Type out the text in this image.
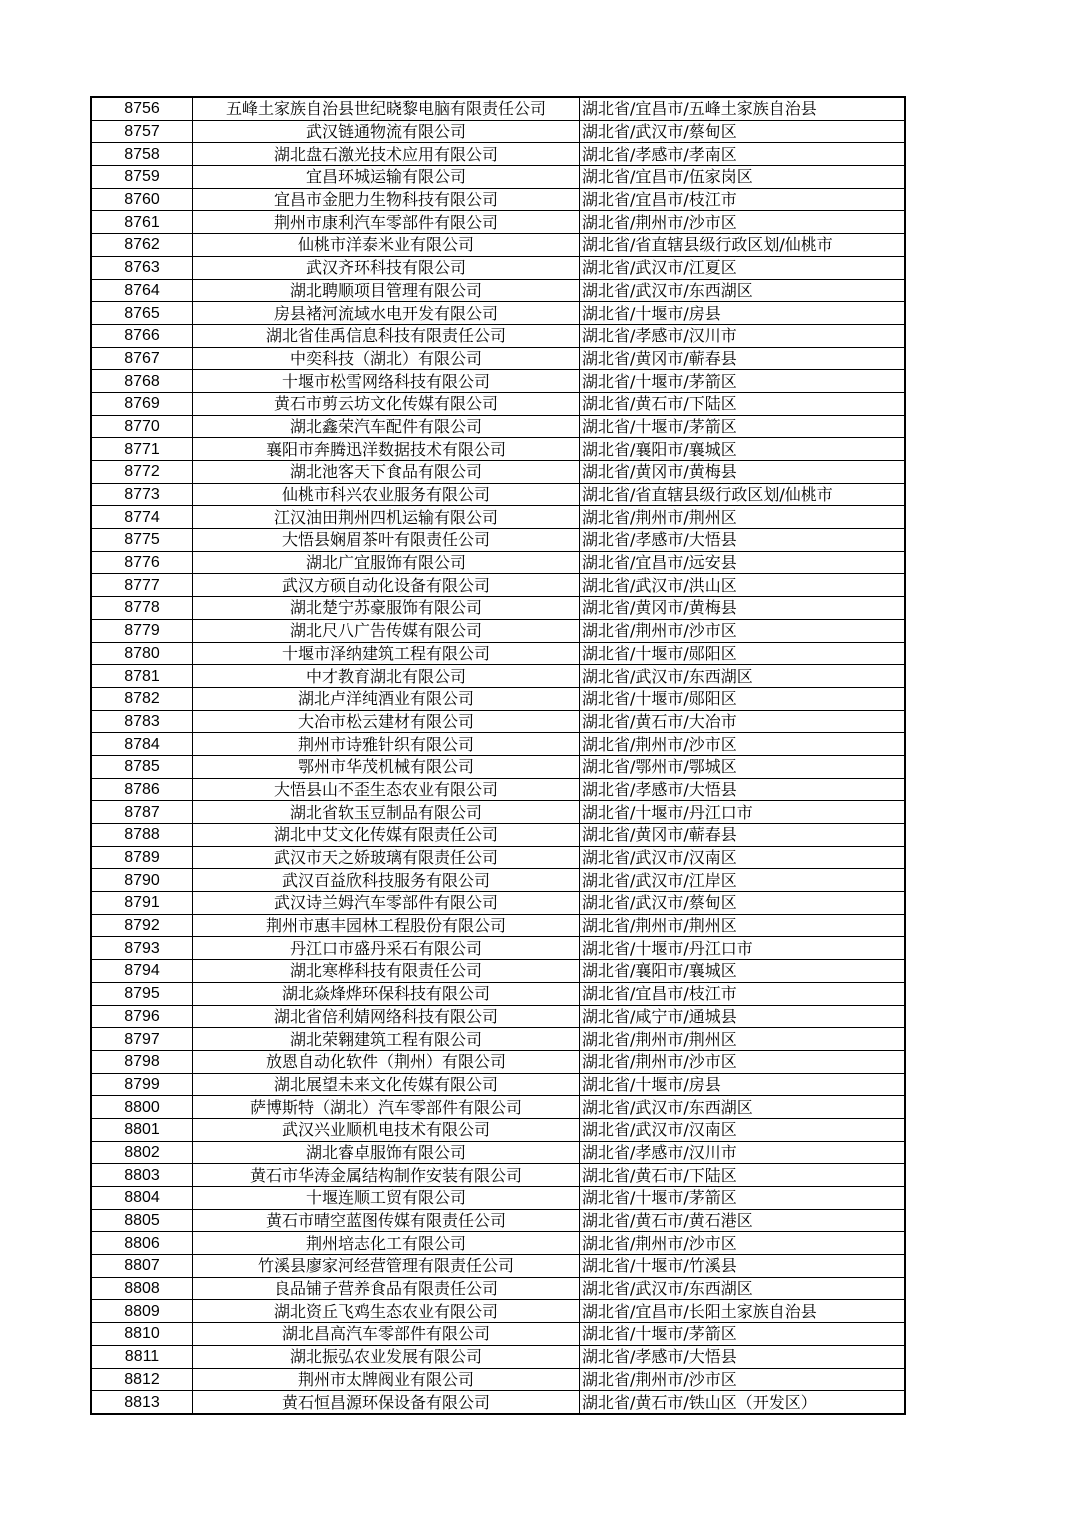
8756	五峰土家族自治县世纪晓黎电脑有限责任公司	湖北省/宜昌市/五峰土家族自治县
8757	武汉链通物流有限公司	湖北省/武汉市/蔡甸区
8758	湖北盘石激光技术应用有限公司	湖北省/孝感市/孝南区
8759	宜昌环城运输有限公司	湖北省/宜昌市/伍家岗区
8760	宜昌市金肥力生物科技有限公司	湖北省/宜昌市/枝江市
8761	荆州市康利汽车零部件有限公司	湖北省/荆州市/沙市区
8762	仙桃市洋泰米业有限公司	湖北省/省直辖县级行政区划/仙桃市
8763	武汉齐环科技有限公司	湖北省/武汉市/江夏区
8764	湖北聘顺项目管理有限公司	湖北省/武汉市/东西湖区
8765	房县褚河流域水电开发有限公司	湖北省/十堰市/房县
8766	湖北省佳禹信息科技有限责任公司	湖北省/孝感市/汉川市
8767	中奕科技（湖北）有限公司	湖北省/黄冈市/蕲春县
8768	十堰市松雪网络科技有限公司	湖北省/十堰市/茅箭区
8769	黄石市剪云坊文化传媒有限公司	湖北省/黄石市/下陆区
8770	湖北鑫荣汽车配件有限公司	湖北省/十堰市/茅箭区
8771	襄阳市奔腾迅洋数据技术有限公司	湖北省/襄阳市/襄城区
8772	湖北池客天下食品有限公司	湖北省/黄冈市/黄梅县
8773	仙桃市科兴农业服务有限公司	湖北省/省直辖县级行政区划/仙桃市
8774	江汉油田荆州四机运输有限公司	湖北省/荆州市/荆州区
8775	大悟县娴眉茶叶有限责任公司	湖北省/孝感市/大悟县
8776	湖北广宜服饰有限公司	湖北省/宜昌市/远安县
8777	武汉方硕自动化设备有限公司	湖北省/武汉市/洪山区
8778	湖北楚宁苏豪服饰有限公司	湖北省/黄冈市/黄梅县
8779	湖北尺八广告传媒有限公司	湖北省/荆州市/沙市区
8780	十堰市泽纳建筑工程有限公司	湖北省/十堰市/郧阳区
8781	中才教育湖北有限公司	湖北省/武汉市/东西湖区
8782	湖北卢洋纯酒业有限公司	湖北省/十堰市/郧阳区
8783	大冶市松云建材有限公司	湖北省/黄石市/大冶市
8784	荆州市诗雅针织有限公司	湖北省/荆州市/沙市区
8785	鄂州市华茂机械有限公司	湖北省/鄂州市/鄂城区
8786	大悟县山不歪生态农业有限公司	湖北省/孝感市/大悟县
8787	湖北省软玉豆制品有限公司	湖北省/十堰市/丹江口市
8788	湖北中艾文化传媒有限责任公司	湖北省/黄冈市/蕲春县
8789	武汉市天之娇玻璃有限责任公司	湖北省/武汉市/汉南区
8790	武汉百益欣科技服务有限公司	湖北省/武汉市/江岸区
8791	武汉诗兰姆汽车零部件有限公司	湖北省/武汉市/蔡甸区
8792	荆州市惠丰园林工程股份有限公司	湖北省/荆州市/荆州区
8793	丹江口市盛丹采石有限公司	湖北省/十堰市/丹江口市
8794	湖北寒桦科技有限责任公司	湖北省/襄阳市/襄城区
8795	湖北焱烽烨环保科技有限公司	湖北省/宜昌市/枝江市
8796	湖北省倍利婧网络科技有限公司	湖北省/咸宁市/通城县
8797	湖北荣翱建筑工程有限公司	湖北省/荆州市/荆州区
8798	放恩自动化软件（荆州）有限公司	湖北省/荆州市/沙市区
8799	湖北展望未来文化传媒有限公司	湖北省/十堰市/房县
8800	萨博斯特（湖北）汽车零部件有限公司	湖北省/武汉市/东西湖区
8801	武汉兴业顺机电技术有限公司	湖北省/武汉市/汉南区
8802	湖北睿卓服饰有限公司	湖北省/孝感市/汉川市
8803	黄石市华涛金属结构制作安装有限公司	湖北省/黄石市/下陆区
8804	十堰连顺工贸有限公司	湖北省/十堰市/茅箭区
8805	黄石市晴空蓝图传媒有限责任公司	湖北省/黄石市/黄石港区
8806	荆州培志化工有限公司	湖北省/荆州市/沙市区
8807	竹溪县廖家河经营管理有限责任公司	湖北省/十堰市/竹溪县
8808	良品铺子营养食品有限责任公司	湖北省/武汉市/东西湖区
8809	湖北资丘飞鸡生态农业有限公司	湖北省/宜昌市/长阳土家族自治县
8810	湖北昌高汽车零部件有限公司	湖北省/十堰市/茅箭区
8811	湖北振弘农业发展有限公司	湖北省/孝感市/大悟县
8812	荆州市太牌阀业有限公司	湖北省/荆州市/沙市区
8813	黄石恒昌源环保设备有限公司	湖北省/黄石市/铁山区（开发区）
